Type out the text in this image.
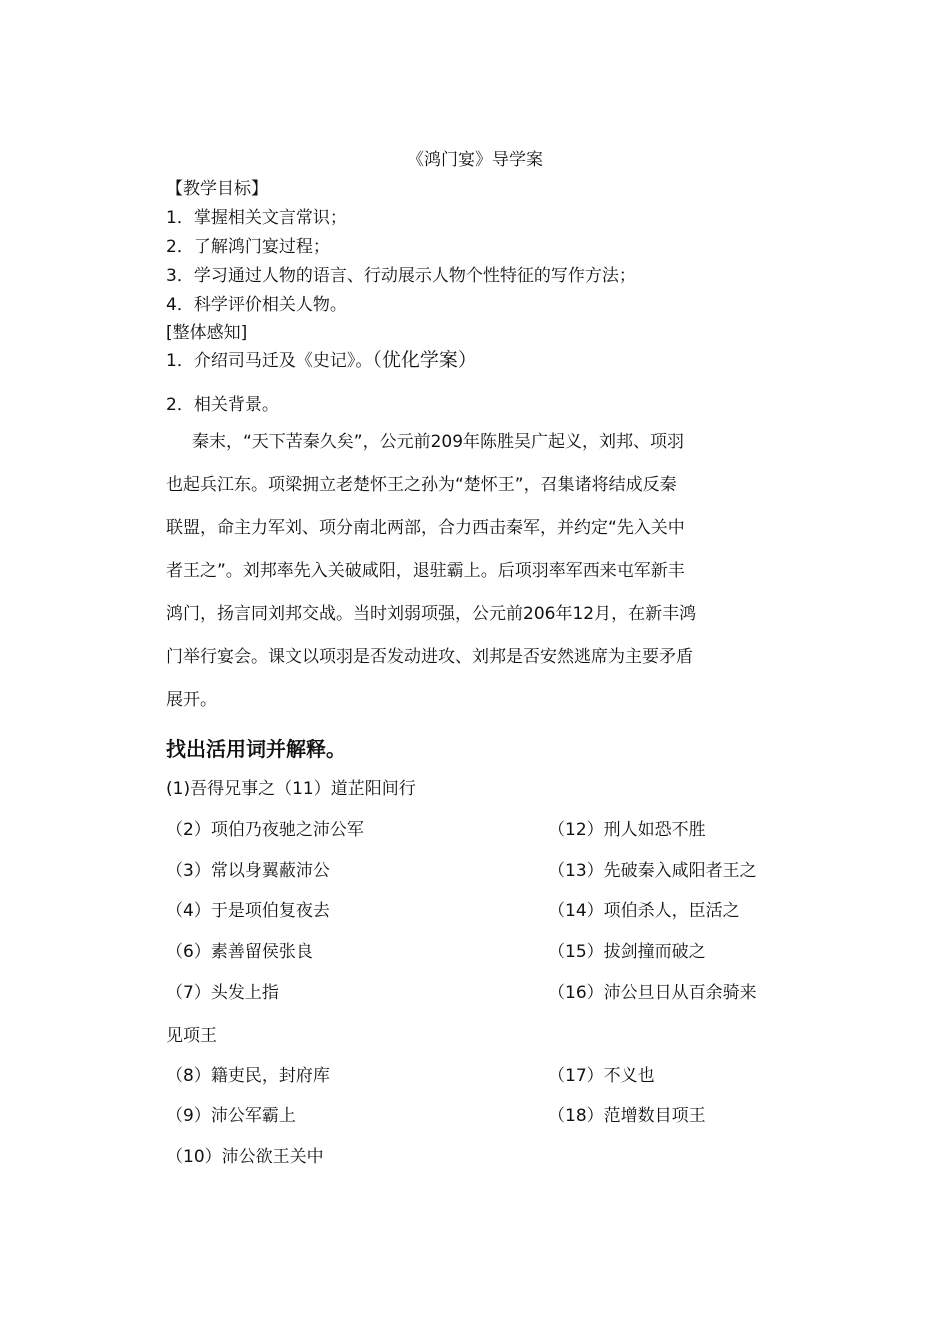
《鸿门宴》导学案
【教学目标】
1．掌握相关文言常识；
2．了解鸿门宴过程；
3．学习通过人物的语言、行动展示人物个性特征的写作方法；
4．科学评价相关人物。
[整体感知]
1．介绍司马迁及《史记》。（优化学案）
2．相关背景。
秦末，“天下苦秦久矣”，公元前209年陈胜吴广起义，刘邦、项羽
也起兵江东。项梁拥立老楚怀王之孙为“楚怀王”，召集诸将结成反秦
联盟，命主力军刘、项分南北两部，合力西击秦军，并约定“先入关中
者王之”。刘邦率先入关破咸阳，退驻霸上。后项羽率军西来屯军新丰
鸿门，扬言同刘邦交战。当时刘弱项强，公元前206年12月，在新丰鸿
门举行宴会。课文以项羽是否发动进攻、刘邦是否安然逃席为主要矛盾
展开。
找出活用词并解释。
(1)吾得兄事之（11）道芷阳间行
（2）项伯乃夜驰之沛公军	（12）刑人如恐不胜
（3）常以身翼蔽沛公	（13）先破秦入咸阳者王之
（4）于是项伯复夜去	（14）项伯杀人，臣活之
（6）素善留侯张良	（15）拔剑撞而破之
（7）头发上指	（16）沛公旦日从百余骑来
见项王
（8）籍吏民，封府库	（17）不义也
（9）沛公军霸上	（18）范增数目项王
（10）沛公欲王关中
